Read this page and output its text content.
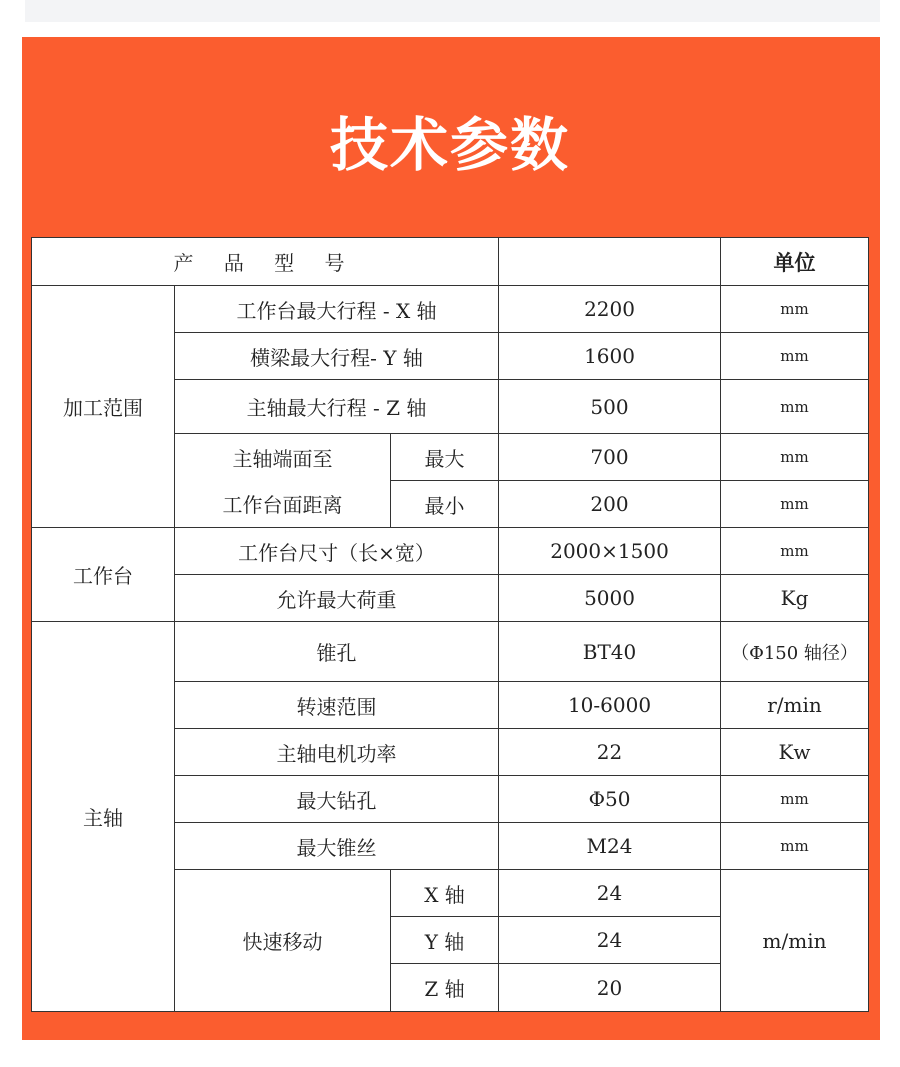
技术参数
产 品 型 号				单位
加工范围	工作台最大行程 - X 轴		2200	mm
	横梁最大行程- Y 轴		1600	mm
	主轴最大行程 - Z 轴		500	mm
	主轴端面至	最大	700	mm
	工作台面距离	最小	200	mm
工作台	工作台尺寸（长×宽）		2000×1500	mm
	允许最大荷重		5000	Kg
主轴	锥孔		BT40	（Φ150 轴径）
	转速范围		10-6000	r/min
	主轴电机功率		22	Kw
	最大钻孔		Φ50	mm
	最大锥丝		M24	mm
	快速移动	X 轴	24	m/min
		Y 轴	24	
		Z 轴	20	
